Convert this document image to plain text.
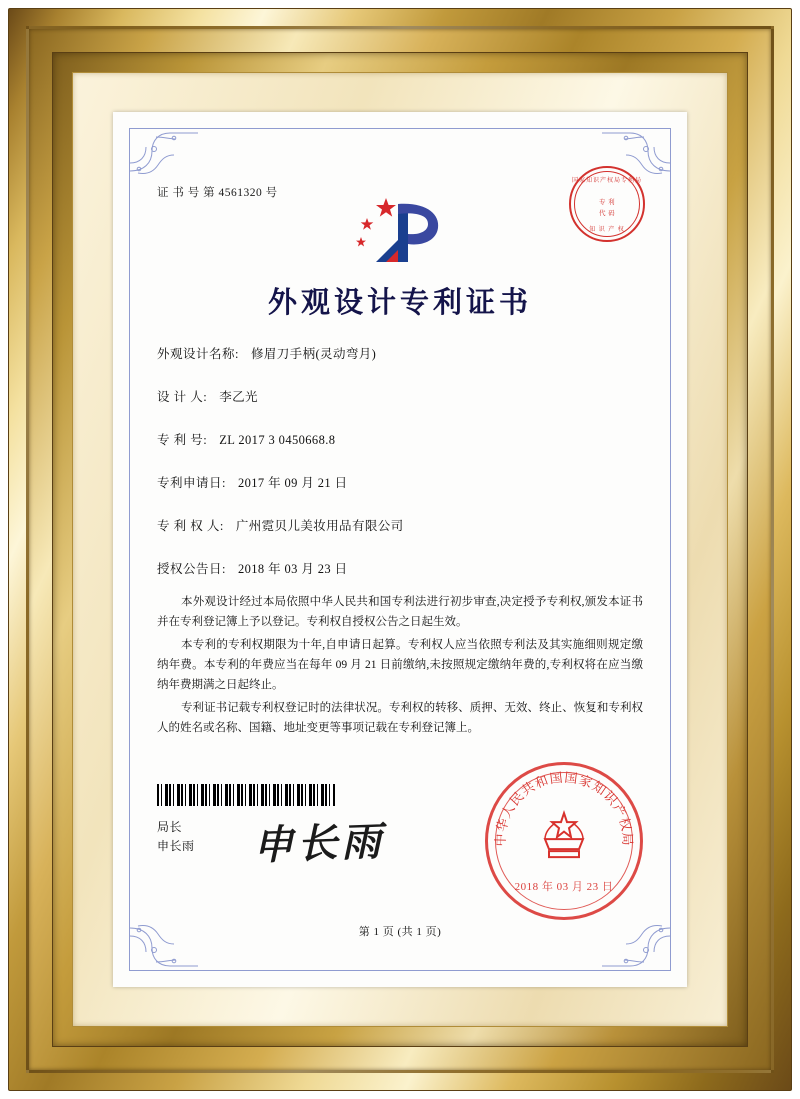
证 书 号 第 4561320 号
国家知识产权局专利局
专 利
代 码
知 识 产 权
外观设计专利证书
外观设计名称: 修眉刀手柄(灵动弯月)
设 计 人: 李乙光
专 利 号: ZL 2017 3 0450668.8
专利申请日: 2017 年 09 月 21 日
专 利 权 人: 广州霓贝儿美妆用品有限公司
授权公告日: 2018 年 03 月 23 日

本外观设计经过本局依照中华人民共和国专利法进行初步审查,决定授予专利权,颁发本证书并在专利登记簿上予以登记。专利权自授权公告之日起生效。

本专利的专利权期限为十年,自申请日起算。专利权人应当依照专利法及其实施细则规定缴纳年费。本专利的年费应当在每年 09 月 21 日前缴纳,未按照规定缴纳年费的,专利权将在应当缴纳年费期满之日起终止。

专利证书记载专利权登记时的法律状况。专利权的转移、质押、无效、终止、恢复和专利权人的姓名或名称、国籍、地址变更等事项记载在专利登记簿上。

局长
申长雨 申长雨	中华人民共和国国家知识产权局
2018 年 03 月 23 日
第 1 页 (共 1 页)
